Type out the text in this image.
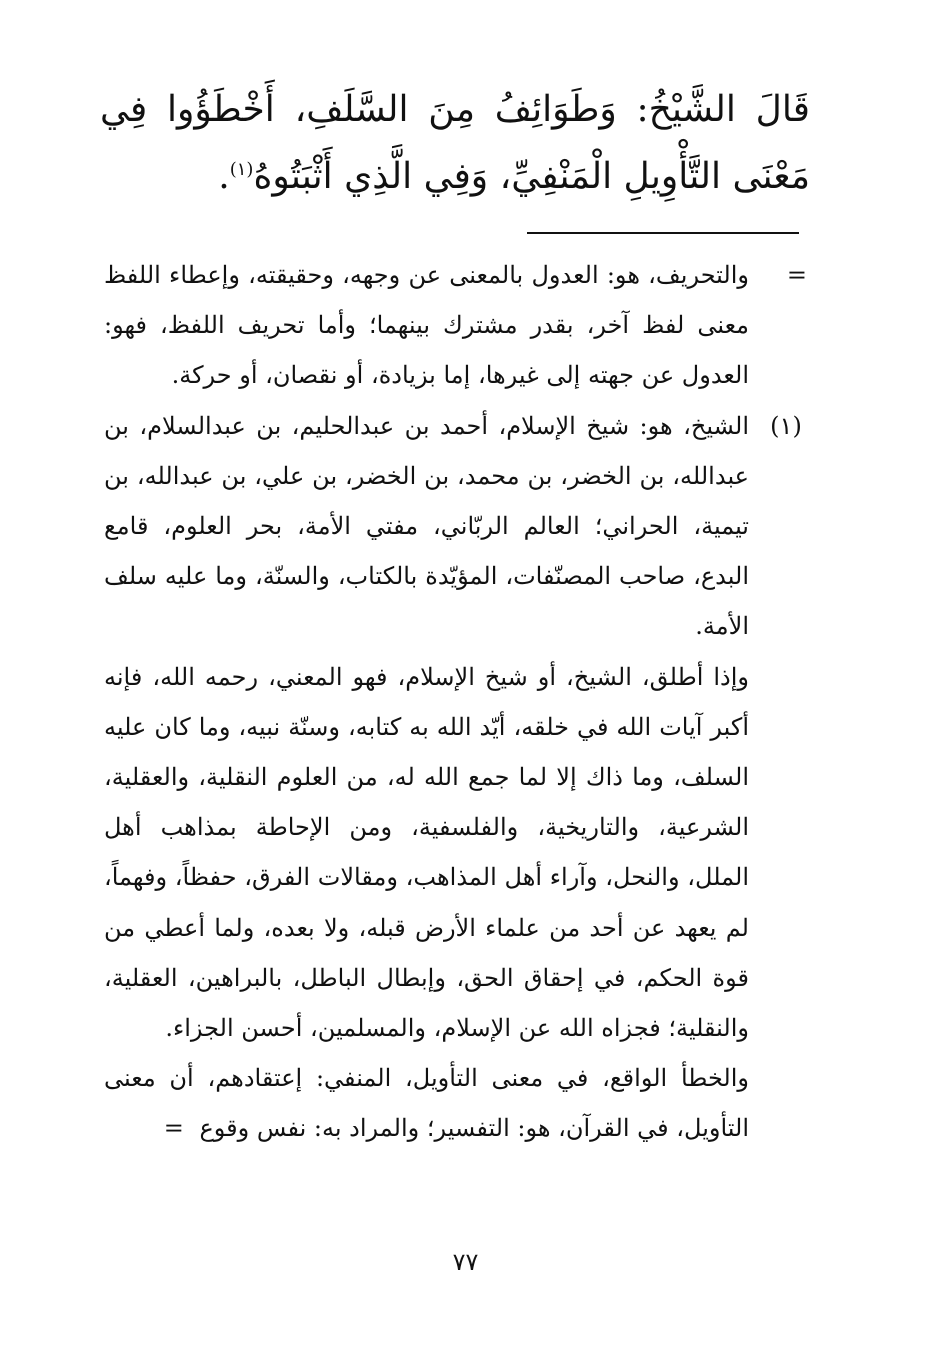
قَالَ الشَّيْخُ: وَطَوَائِفُ مِنَ السَّلَفِ، أَخْطَؤُوا فِي مَعْنَى التَّأْوِيلِ الْمَنْفِيِّ، وَفِي الَّذِي أَثْبَتُوهُ$^{(١)}$.

=
والتحريف، هو: العدول بالمعنى عن وجهه، وحقيقته، وإعطاء اللفظ معنى لفظ آخر، بقدر مشترك بينهما؛ وأما تحريف اللفظ، فهو: العدول عن جهته إلى غيرها، إما بزيادة، أو نقصان، أو حركة.

(١)
الشيخ، هو: شيخ الإسلام، أحمد بن عبدالحليم، بن عبدالسلام، بن عبدالله، بن الخضر، بن محمد، بن الخضر، بن علي، بن عبدالله، بن تيمية، الحراني؛ العالم الربّاني، مفتي الأمة، بحر العلوم، قامع البدع، صاحب المصنّفات، المؤيّدة بالكتاب، والسنّة، وما عليه سلف الأمة.

وإذا أطلق، الشيخ، أو شيخ الإسلام، فهو المعني، رحمه الله، فإنه أكبر آيات الله في خلقه، أيّد الله به كتابه، وسنّة نبيه، وما كان عليه السلف، وما ذاك إلا لما جمع الله له، من العلوم النقلية، والعقلية، الشرعية، والتاريخية، والفلسفية، ومن الإحاطة بمذاهب أهل الملل، والنحل، وآراء أهل المذاهب، ومقالات الفرق، حفظاً، وفهماً، لم يعهد عن أحد من علماء الأرض قبله، ولا بعده، ولما أعطي من قوة الحكم، في إحقاق الحق، وإبطال الباطل، بالبراهين، العقلية، والنقلية؛ فجزاه الله عن الإسلام، والمسلمين، أحسن الجزاء.

والخطأ الواقع، في معنى التأويل، المنفي: إعتقادهم، أن معنى التأويل، في القرآن، هو: التفسير؛ والمراد به: نفس وقوع =

٧٧
